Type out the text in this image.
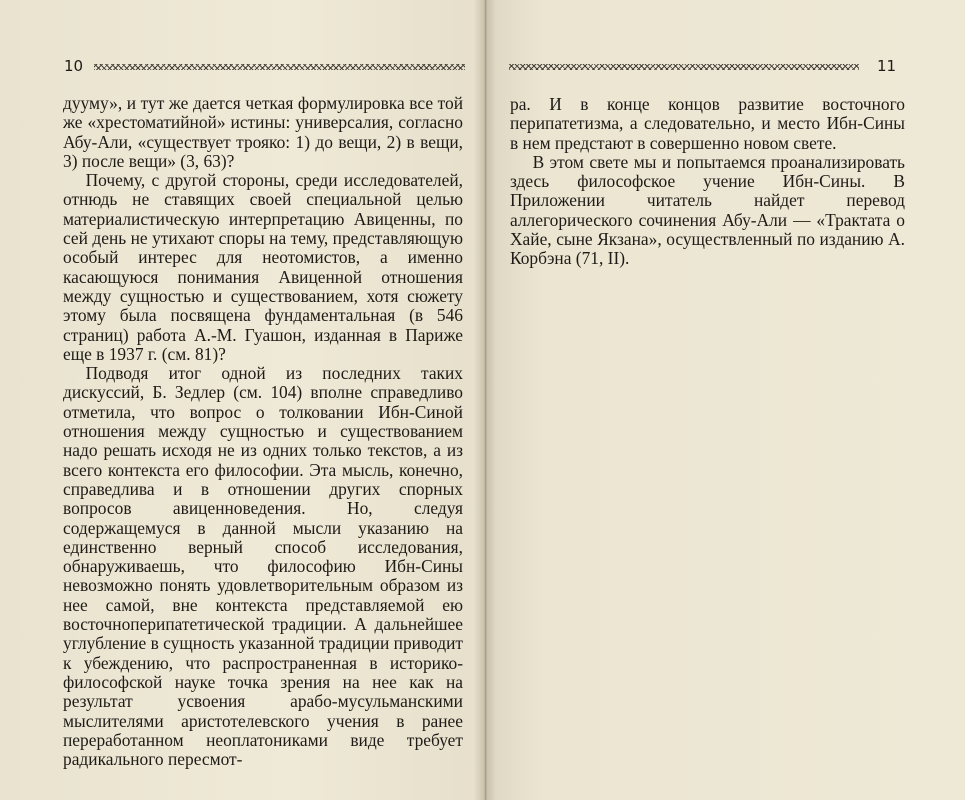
10

дууму», и тут же дается четкая формулировка все той же «хрестоматийной» истины: универсалия, согласно Абу-Али, «существует трояко: 1) до вещи, 2) в вещи, 3) после вещи» (3, 63)?

Почему, с другой стороны, среди исследователей, отнюдь не ставящих своей специальной целью материалистическую интерпретацию Авиценны, по сей день не утихают споры на тему, представляющую особый интерес для неотомистов, а именно касающуюся понимания Авиценной отношения между сущностью и существованием, хотя сюжету этому была посвящена фундаментальная (в 546 страниц) работа А.-М. Гуашон, изданная в Париже еще в 1937 г. (см. 81)?

Подводя итог одной из последних таких дискуссий, Б. Зедлер (см. 104) вполне справедливо отметила, что вопрос о толковании Ибн-Синой отношения между сущностью и существованием надо решать исходя не из одних только текстов, а из всего контекста его философии. Эта мысль, конечно, справедлива и в отношении других спорных вопросов авиценноведения. Но, следуя содержащемуся в данной мысли указанию на единственно верный способ исследования, обнаруживаешь, что философию Ибн-Сины невозможно понять удовлетворительным образом из нее самой, вне контекста представляемой ею восточноперипатетической традиции. А дальнейшее углубление в сущность указанной традиции приводит к убеждению, что распространенная в историко-философской науке точка зрения на нее как на результат усвоения арабо-мусульманскими мыслителями аристотелевского учения в ранее переработанном неоплатониками виде требует радикального пересмот-

11

ра. И в конце концов развитие восточного перипатетизма, а следовательно, и место Ибн-Сины в нем предстают в совершенно новом свете.

В этом свете мы и попытаемся проанализировать здесь философское учение Ибн-Сины. В Приложении читатель найдет перевод аллегорического сочинения Абу-Али — «Трактата о Хайе, сыне Якзана», осуществленный по изданию А. Корбэна (71, II).
